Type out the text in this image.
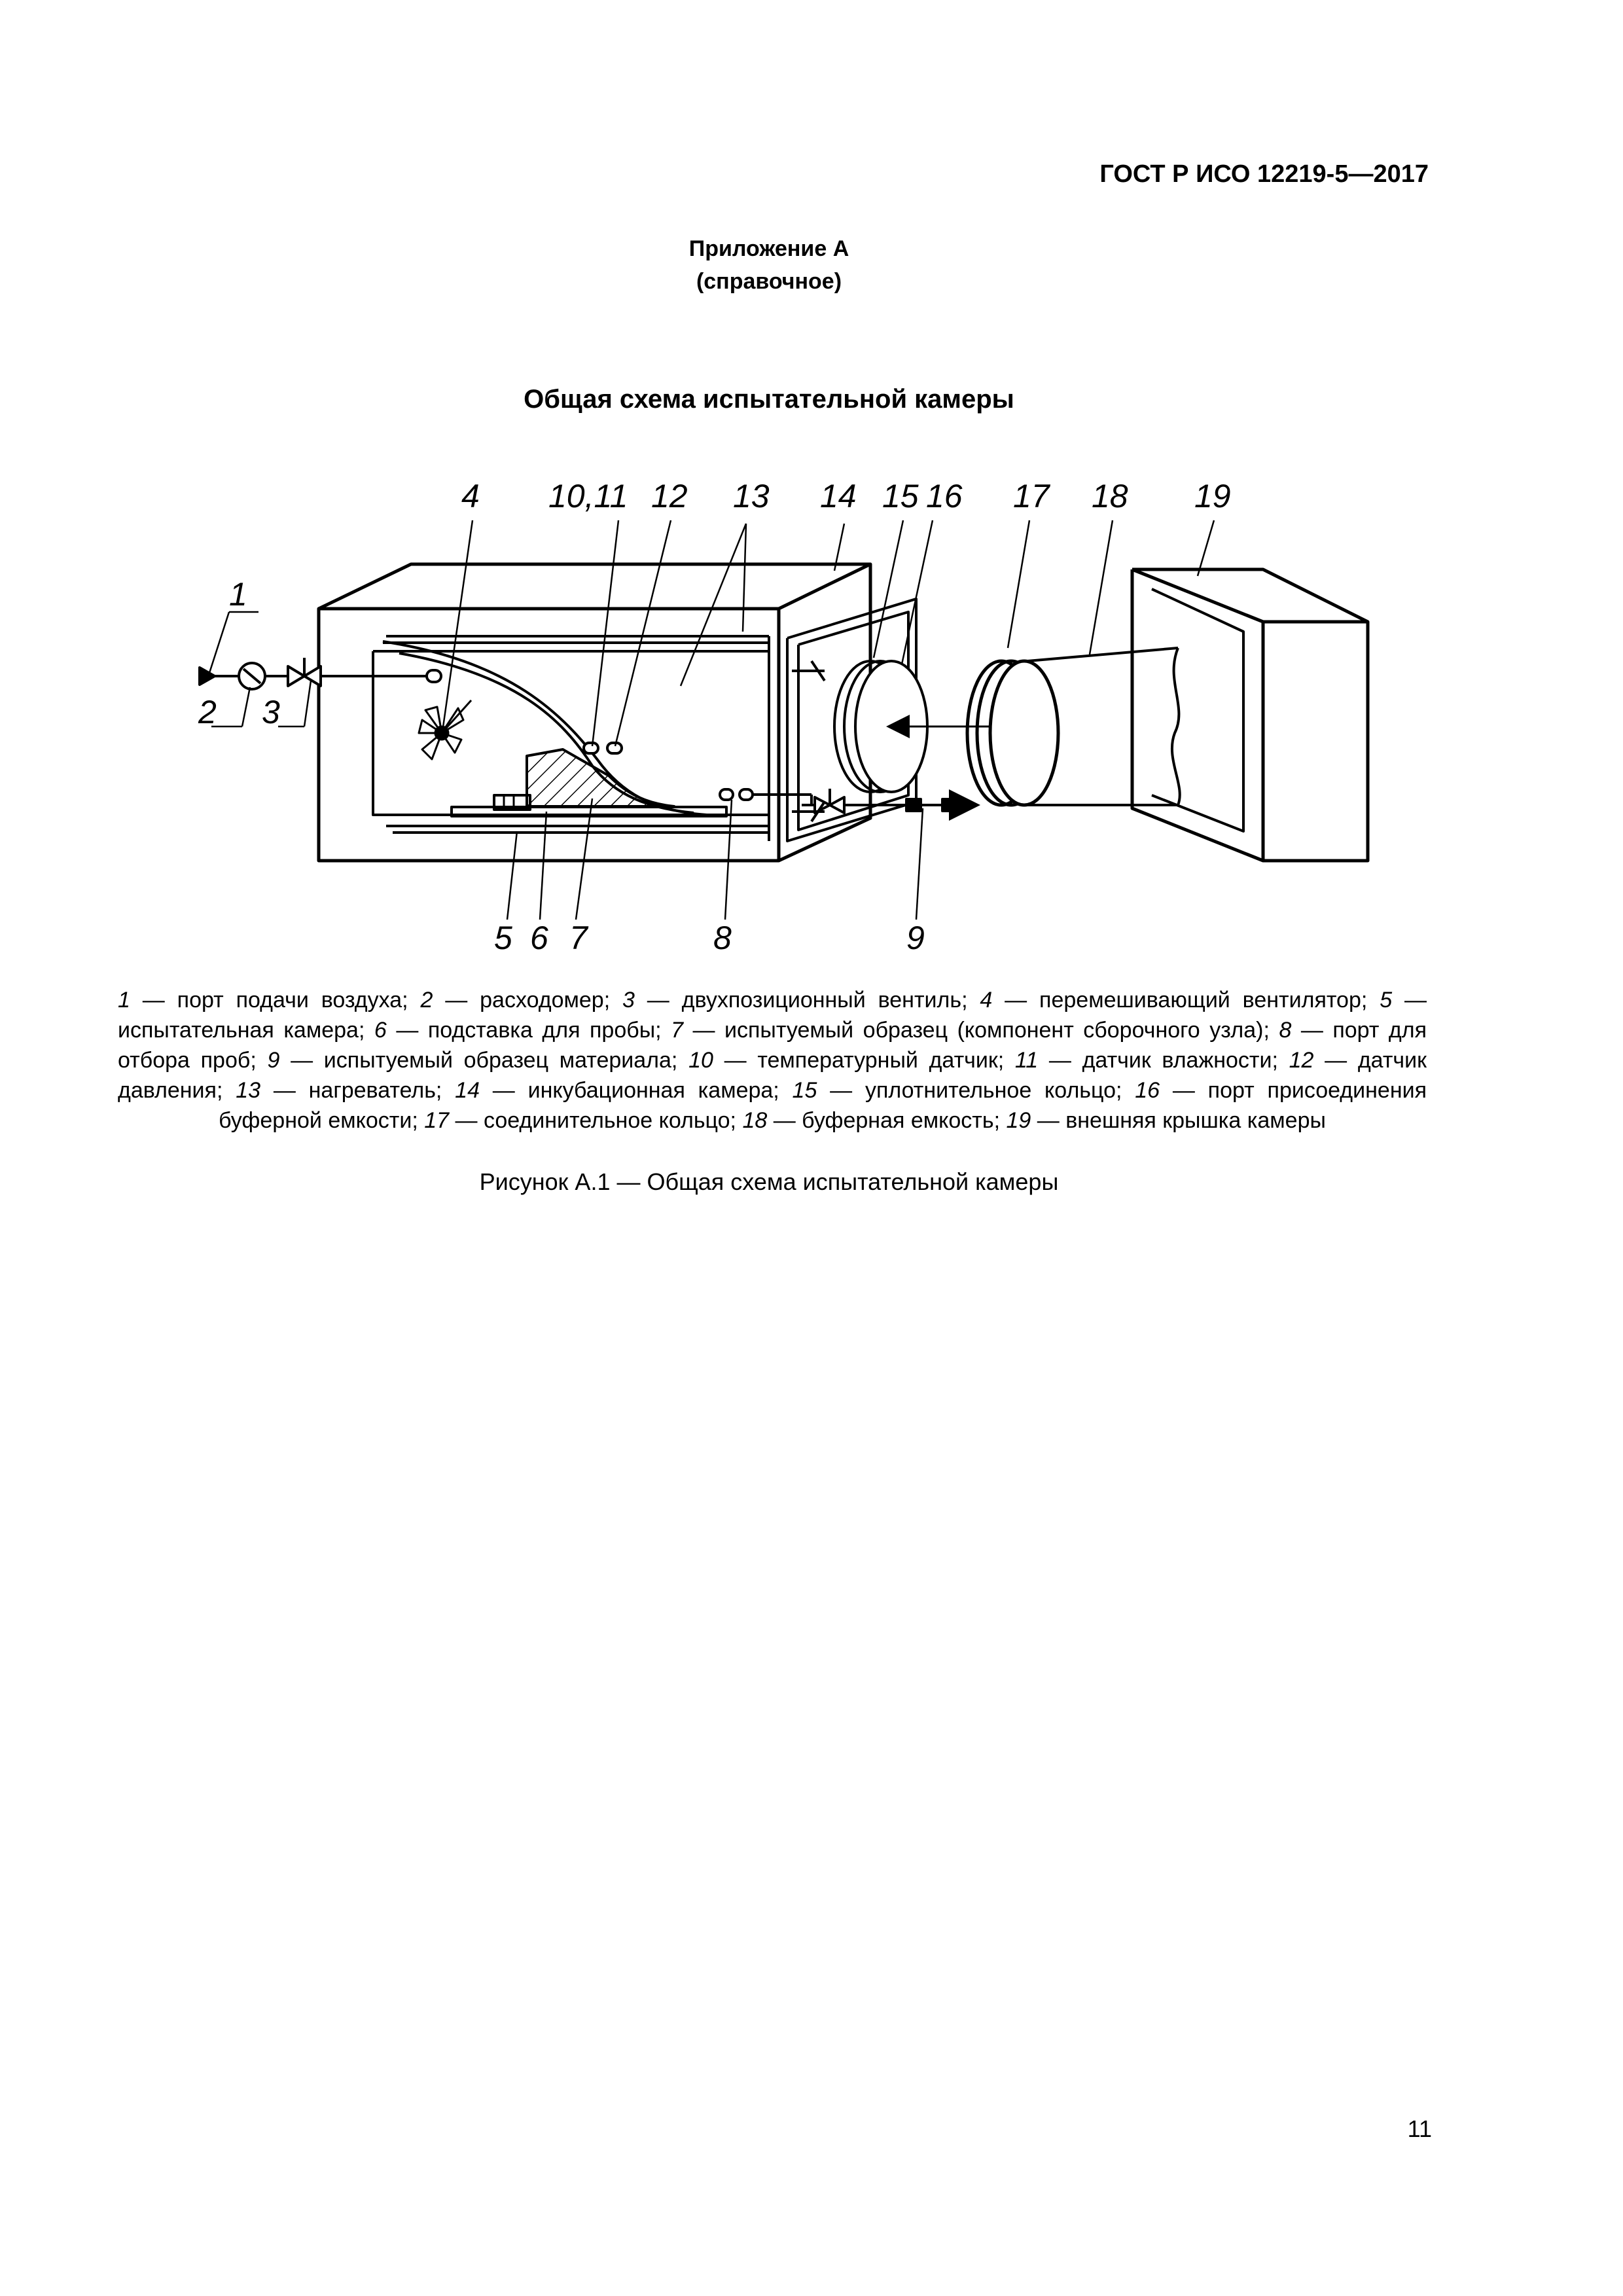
ГОСТ Р ИСО 12219-5—2017
Приложение А
(справочное)
Общая схема испытательной камеры
1
2 3
4 10,11 12 13 14 15 16 17 18 19
5 6 7	8	9
1 — порт подачи воздуха; 2 — расходомер; 3 — двухпозиционный вентиль; 4 — перемешивающий вентилятор; 5 — испытательная камера; 6 — подставка для пробы; 7 — испытуемый образец (компонент сборочного узла); 8 — порт для отбора проб; 9 — испытуемый образец материала; 10 — температурный датчик; 11 — датчик влажности; 12 — датчик давления; 13 — нагреватель; 14 — инкубационная камера; 15 — уплотнительное кольцо; 16 — порт присоединения буферной емкости; 17 — соединительное кольцо; 18 — буферная емкость; 19 — внешняя крышка камеры
Рисунок А.1 — Общая схема испытательной камеры
11
